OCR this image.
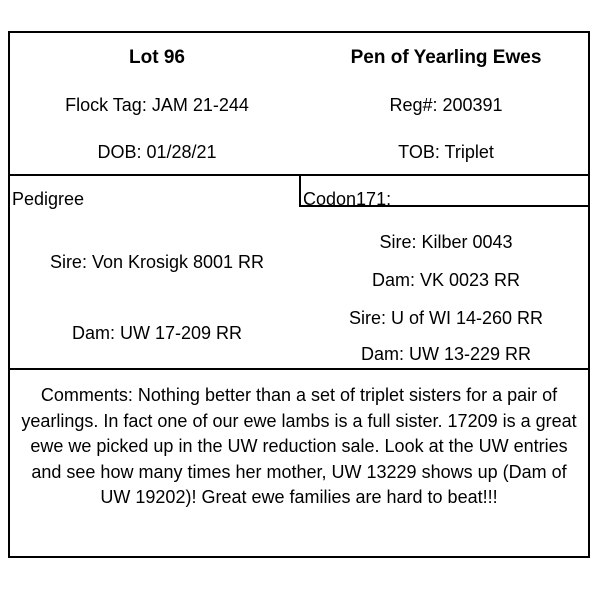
Lot 96	Pen of Yearling Ewes
Flock Tag: JAM 21-244	Reg#: 200391
DOB: 01/28/21	TOB: Triplet
Pedigree	Codon171:
Sire: Von Krosigk 8001 RR
Dam: UW 17-209 RR
Sire: Kilber 0043
Dam: VK 0023 RR
Sire: U of WI 14-260 RR
Dam: UW 13-229 RR
Comments: Nothing better than a set of triplet sisters for a pair of yearlings. In fact one of our ewe lambs is a full sister. 17209 is a great ewe we picked up in the UW reduction sale. Look at the UW entries and see how many times her mother, UW 13229 shows up (Dam of UW 19202)! Great ewe families are hard to beat!!!
